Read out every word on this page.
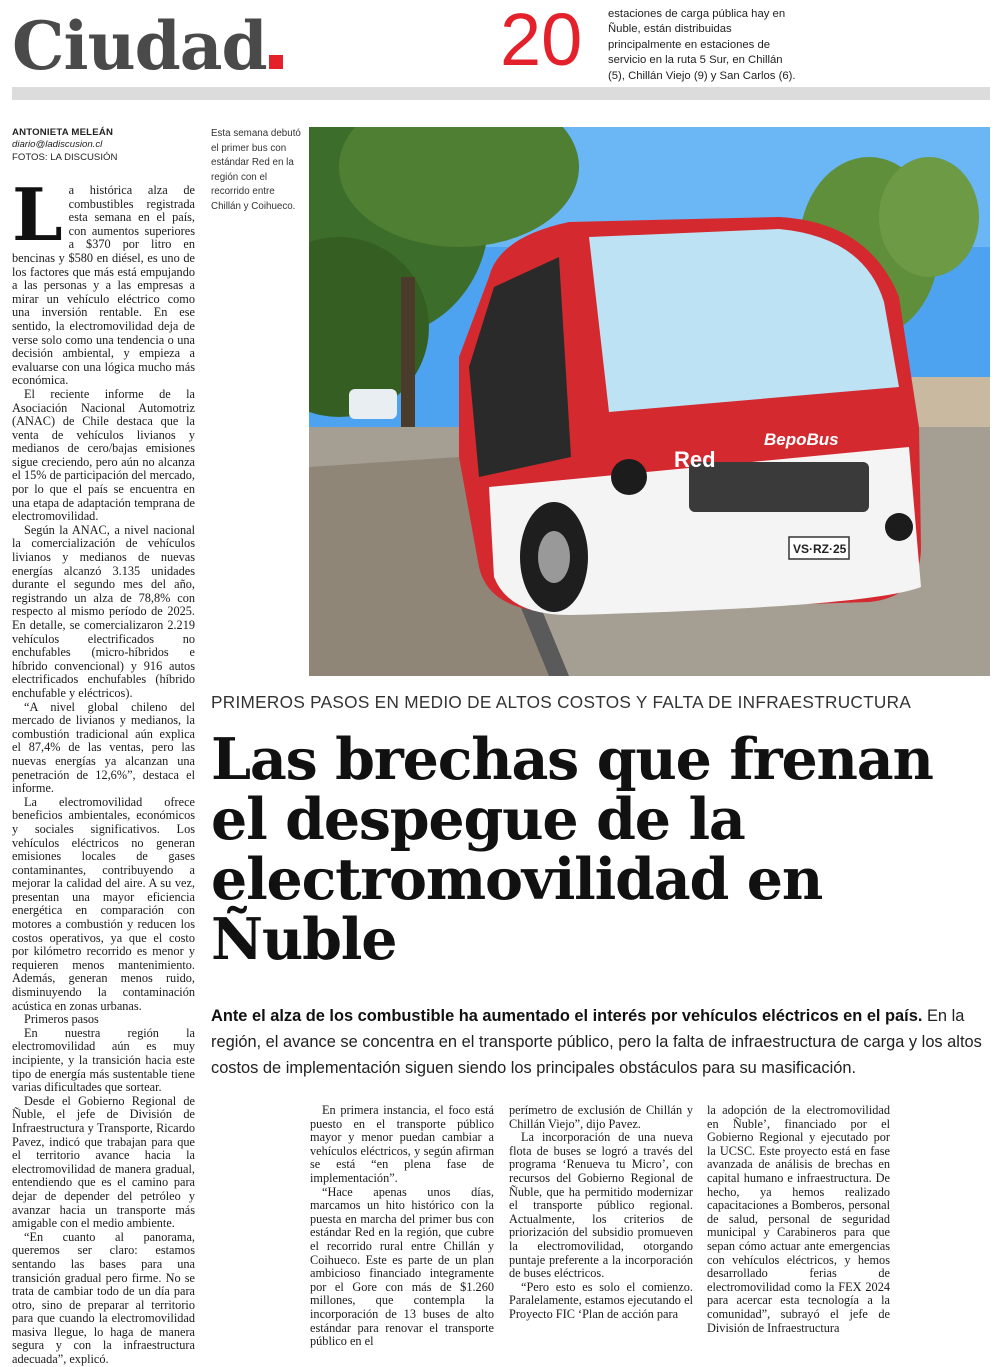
Ciudad	20 estaciones de carga pública hay en Ñuble, están distribuidas principalmente en estaciones de servicio en la ruta 5 Sur, en Chillán (5), Chillán Viejo (9) y San Carlos (6).
ANTONIETA MELEÁN
diario@ladiscusion.cl
FOTOS: LA DISCUSIÓN
Esta semana debutó el primer bus con estándar Red en la región con el recorrido entre Chillán y Coihueco.
BepoBus
Red
VS·RZ·25
PRIMEROS PASOS EN MEDIO DE ALTOS COSTOS Y FALTA DE INFRAESTRUCTURA
Las brechas que frenan el despegue de la electromovilidad en Ñuble

Ante el alza de los combustible ha aumentado el interés por vehículos eléctricos en el país. En la región, el avance se concentra en el transporte público, pero la falta de infraestructura de carga y los altos costos de implementación siguen siendo los principales obstáculos para su masificación.

L a histórica alza de combustibles registrada esta semana en el país, con aumentos superiores a $370 por litro en bencinas y $580 en diésel, es uno de los factores que más está empujando a las personas y a las empresas a mirar un vehículo eléctrico como una inversión rentable. En ese sentido, la electromovilidad deja de verse solo como una tendencia o una decisión ambiental, y empieza a evaluarse con una lógica mucho más económica.

El reciente informe de la Asociación Nacional Automotriz (ANAC) de Chile destaca que la venta de vehículos livianos y medianos de cero/bajas emisiones sigue creciendo, pero aún no alcanza el 15% de participación del mercado, por lo que el país se encuentra en una etapa de adaptación temprana de electromovilidad.

Según la ANAC, a nivel nacional la comercialización de vehículos livianos y medianos de nuevas energías alcanzó 3.135 unidades durante el segundo mes del año, registrando un alza de 78,8% con respecto al mismo período de 2025. En detalle, se comercializaron 2.219 vehículos electrificados no enchufables (micro-híbridos e híbrido convencional) y 916 autos electrificados enchufables (híbrido enchufable y eléctricos).

“A nivel global chileno del mercado de livianos y medianos, la combustión tradicional aún explica el 87,4% de las ventas, pero las nuevas energías ya alcanzan una penetración de 12,6%”, destaca el informe.

La electromovilidad ofrece beneficios ambientales, económicos y sociales significativos. Los vehículos eléctricos no generan emisiones locales de gases contaminantes, contribuyendo a mejorar la calidad del aire. A su vez, presentan una mayor eficiencia energética en comparación con motores a combustión y reducen los costos operativos, ya que el costo por kilómetro recorrido es menor y requieren menos mantenimiento. Además, generan menos ruido, disminuyendo la contaminación acústica en zonas urbanas.

Primeros pasos

En nuestra región la electromovilidad aún es muy incipiente, y la transición hacia este tipo de energía más sustentable tiene varias dificultades que sortear.

Desde el Gobierno Regional de Ñuble, el jefe de División de Infraestructura y Transporte, Ricardo Pavez, indicó que trabajan para que el territorio avance hacia la electromovilidad de manera gradual, entendiendo que es el camino para dejar de depender del petróleo y avanzar hacia un transporte más amigable con el medio ambiente.

“En cuanto al panorama, queremos ser claro: estamos sentando las bases para una transición gradual pero firme. No se trata de cambiar todo de un día para otro, sino de preparar al territorio para que cuando la electromovilidad masiva llegue, lo haga de manera segura y con la infraestructura adecuada”, explicó.

En primera instancia, el foco está puesto en el transporte público mayor y menor puedan cambiar a vehículos eléctricos, y según afirman se está “en plena fase de implementación”.

“Hace apenas unos días, marcamos un hito histórico con la puesta en marcha del primer bus con estándar Red en la región, que cubre el recorrido rural entre Chillán y Coihueco. Este es parte de un plan ambicioso financiado integramente por el Gore con más de $1.260 millones, que contempla la incorporación de 13 buses de alto estándar para renovar el transporte público en el

perímetro de exclusión de Chillán y Chillán Viejo”, dijo Pavez.

La incorporación de una nueva flota de buses se logró a través del programa ‘Renueva tu Micro’, con recursos del Gobierno Regional de Ñuble, que ha permitido modernizar el transporte público regional. Actualmente, los criterios de priorización del subsidio promueven la electromovilidad, otorgando puntaje preferente a la incorporación de buses eléctricos.

“Pero esto es solo el comienzo. Paralelamente, estamos ejecutando el Proyecto FIC ‘Plan de acción para

la adopción de la electromovilidad en Ñuble’, financiado por el Gobierno Regional y ejecutado por la UCSC. Este proyecto está en fase avanzada de análisis de brechas en capital humano e infraestructura. De hecho, ya hemos realizado capacitaciones a Bomberos, personal de salud, personal de seguridad municipal y Carabineros para que sepan cómo actuar ante emergencias con vehículos eléctricos, y hemos desarrollado ferias de electromovilidad como la FEX 2024 para acercar esta tecnología a la comunidad”, subrayó el jefe de División de Infraestructura
